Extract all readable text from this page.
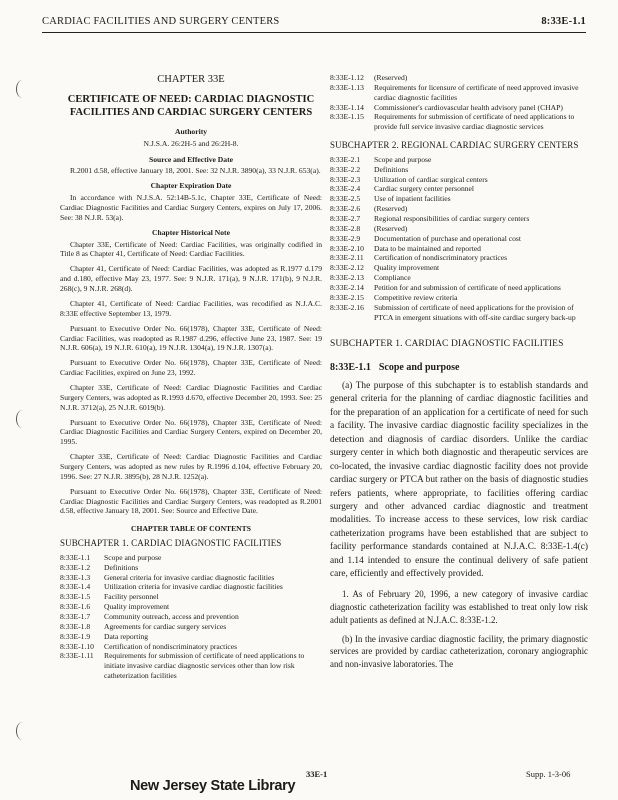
CARDIAC FACILITIES AND SURGERY CENTERS	8:33E-1.1
CHAPTER 33E
CERTIFICATE OF NEED: CARDIAC DIAGNOSTIC FACILITIES AND CARDIAC SURGERY CENTERS
Authority
N.J.S.A. 26:2H-5 and 26:2H-8.
Source and Effective Date
R.2001 d.58, effective January 18, 2001. See: 32 N.J.R. 3890(a), 33 N.J.R. 653(a).
Chapter Expiration Date
In accordance with N.J.S.A. 52:14B-5.1c, Chapter 33E, Certificate of Need: Cardiac Diagnostic Facilities and Cardiac Surgery Centers, expires on July 17, 2006. See: 38 N.J.R. 53(a).
Chapter Historical Note
Chapter 33E, Certificate of Need: Cardiac Facilities, was originally codified in Title 8 as Chapter 41, Certificate of Need: Cardiac Facilities.
Chapter 41, Certificate of Need: Cardiac Facilities, was adopted as R.1977 d.179 and d.180, effective May 23, 1977. See: 9 N.J.R. 171(a), 9 N.J.R. 171(b), 9 N.J.R. 268(c), 9 N.J.R. 268(d).
Chapter 41, Certificate of Need: Cardiac Facilities, was recodified as N.J.A.C. 8:33E effective September 13, 1979.
Pursuant to Executive Order No. 66(1978), Chapter 33E, Certificate of Need: Cardiac Facilities, was readopted as R.1987 d.296, effective June 23, 1987. See: 19 N.J.R. 606(a), 19 N.J.R. 610(a), 19 N.J.R. 1304(a), 19 N.J.R. 1307(a).
Pursuant to Executive Order No. 66(1978), Chapter 33E, Certificate of Need: Cardiac Facilities, expired on June 23, 1992.
Chapter 33E, Certificate of Need: Cardiac Diagnostic Facilities and Cardiac Surgery Centers, was adopted as R.1993 d.670, effective December 20, 1993. See: 25 N.J.R. 3712(a), 25 N.J.R. 6019(b).
Pursuant to Executive Order No. 66(1978), Chapter 33E, Certificate of Need: Cardiac Diagnostic Facilities and Cardiac Surgery Centers, expired on December 20, 1995.
Chapter 33E, Certificate of Need: Cardiac Diagnostic Facilities and Cardiac Surgery Centers, was adopted as new rules by R.1996 d.104, effective February 20, 1996. See: 27 N.J.R. 3895(b), 28 N.J.R. 1252(a).
Pursuant to Executive Order No. 66(1978), Chapter 33E, Certificate of Need: Cardiac Diagnostic Facilities and Cardiac Surgery Centers, was readopted as R.2001 d.58, effective January 18, 2001. See: Source and Effective Date.
CHAPTER TABLE OF CONTENTS
SUBCHAPTER 1. CARDIAC DIAGNOSTIC FACILITIES
8:33E-1.1	Scope and purpose
8:33E-1.2	Definitions
8:33E-1.3	General criteria for invasive cardiac diagnostic facilities
8:33E-1.4	Utilization criteria for invasive cardiac diagnostic facilities
8:33E-1.5	Facility personnel
8:33E-1.6	Quality improvement
8:33E-1.7	Community outreach, access and prevention
8:33E-1.8	Agreements for cardiac surgery services
8:33E-1.9	Data reporting
8:33E-1.10	Certification of nondiscriminatory practices
8:33E-1.11	Requirements for submission of certificate of need applications to initiate invasive cardiac diagnostic services other than low risk catheterization facilities
8:33E-1.12	(Reserved)
8:33E-1.13	Requirements for licensure of certificate of need approved invasive cardiac diagnostic facilities
8:33E-1.14	Commissioner's cardiovascular health advisory panel (CHAP)
8:33E-1.15	Requirements for submission of certificate of need applications to provide full service invasive cardiac diagnostic services
SUBCHAPTER 2. REGIONAL CARDIAC SURGERY CENTERS
8:33E-2.1	Scope and purpose
8:33E-2.2	Definitions
8:33E-2.3	Utilization of cardiac surgical centers
8:33E-2.4	Cardiac surgery center personnel
8:33E-2.5	Use of inpatient facilities
8:33E-2.6	(Reserved)
8:33E-2.7	Regional responsibilities of cardiac surgery centers
8:33E-2.8	(Reserved)
8:33E-2.9	Documentation of purchase and operational cost
8:33E-2.10	Data to be maintained and reported
8:33E-2.11	Certification of nondiscriminatory practices
8:33E-2.12	Quality improvement
8:33E-2.13	Compliance
8:33E-2.14	Petition for and submission of certificate of need applications
8:33E-2.15	Competitive review criteria
8:33E-2.16	Submission of certificate of need applications for the provision of PTCA in emergent situations with off-site cardiac surgery back-up
SUBCHAPTER 1. CARDIAC DIAGNOSTIC FACILITIES
8:33E-1.1 Scope and purpose
(a) The purpose of this subchapter is to establish standards and general criteria for the planning of cardiac diagnostic facilities and for the preparation of an application for a certificate of need for such a facility. The invasive cardiac diagnostic facility specializes in the detection and diagnosis of cardiac disorders. Unlike the cardiac surgery center in which both diagnostic and therapeutic services are co-located, the invasive cardiac diagnostic facility does not provide cardiac surgery or PTCA but rather on the basis of diagnostic studies refers patients, where appropriate, to facilities offering cardiac surgery and other advanced cardiac diagnostic and treatment modalities. To increase access to these services, low risk cardiac catheterization programs have been established that are subject to facility performance standards contained at N.J.A.C. 8:33E-1.4(c) and 1.14 intended to ensure the continual delivery of safe patient care, efficiently and effectively provided.
1. As of February 20, 1996, a new category of invasive cardiac diagnostic catheterization facility was established to treat only low risk adult patients as defined at N.J.A.C. 8:33E-1.2.
(b) In the invasive cardiac diagnostic facility, the primary diagnostic services are provided by cardiac catheterization, coronary angiographic and non-invasive laboratories. The
33E-1	Supp. 1-3-06
New Jersey State Library
